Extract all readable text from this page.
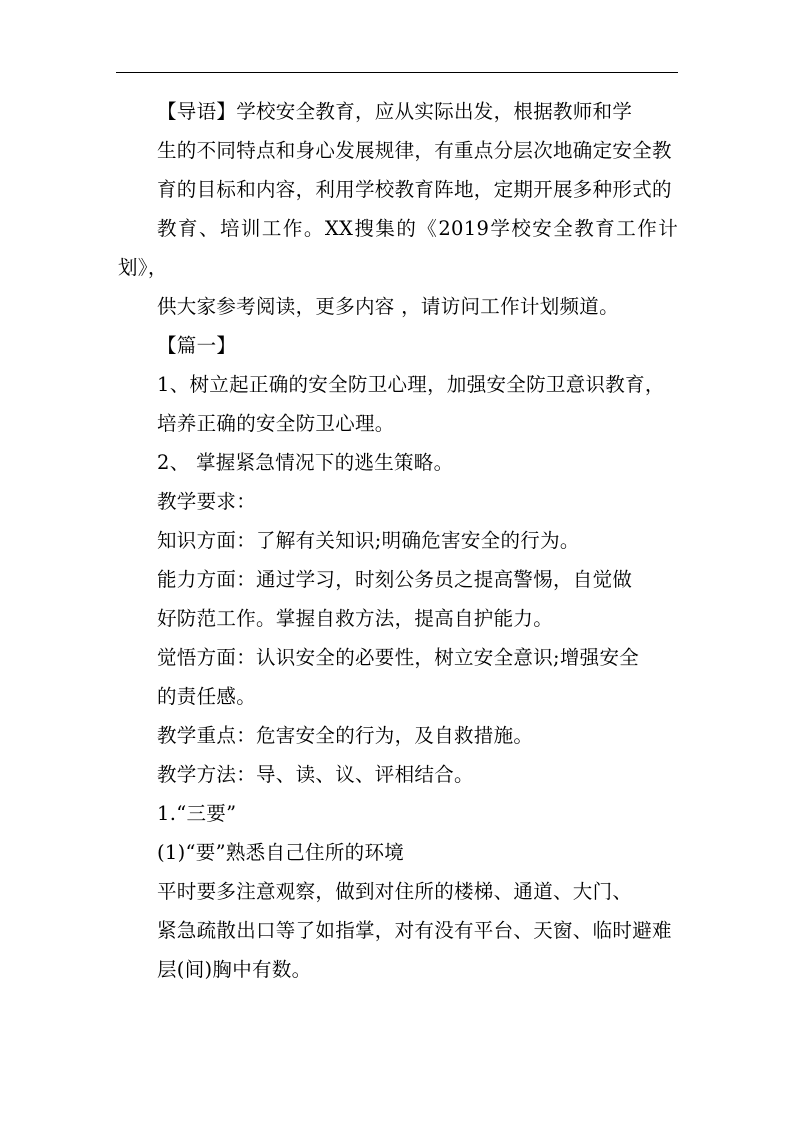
【导语】学校安全教育，应从实际出发，根据教师和学
生的不同特点和身心发展规律，有重点分层次地确定安全教
育的目标和内容，利用学校教育阵地，定期开展多种形式的
教育、培训工作。XX搜集的《2019学校安全教育工作计划》，
供大家参考阅读，更多内容 ，请访问工作计划频道。

【篇一】

1、树立起正确的安全防卫心理，加强安全防卫意识教育，
培养正确的安全防卫心理。

2、 掌握紧急情况下的逃生策略。

教学要求：

知识方面：了解有关知识;明确危害安全的行为。

能力方面：通过学习，时刻公务员之提高警惕，自觉做
好防范工作。掌握自救方法，提高自护能力。

觉悟方面：认识安全的必要性，树立安全意识;增强安全
的责任感。

教学重点：危害安全的行为，及自救措施。

教学方法：导、读、议、评相结合。

1.“三要”

(1)“要”熟悉自己住所的环境

平时要多注意观察，做到对住所的楼梯、通道、大门、
紧急疏散出口等了如指掌，对有没有平台、天窗、临时避难
层(间)胸中有数。
